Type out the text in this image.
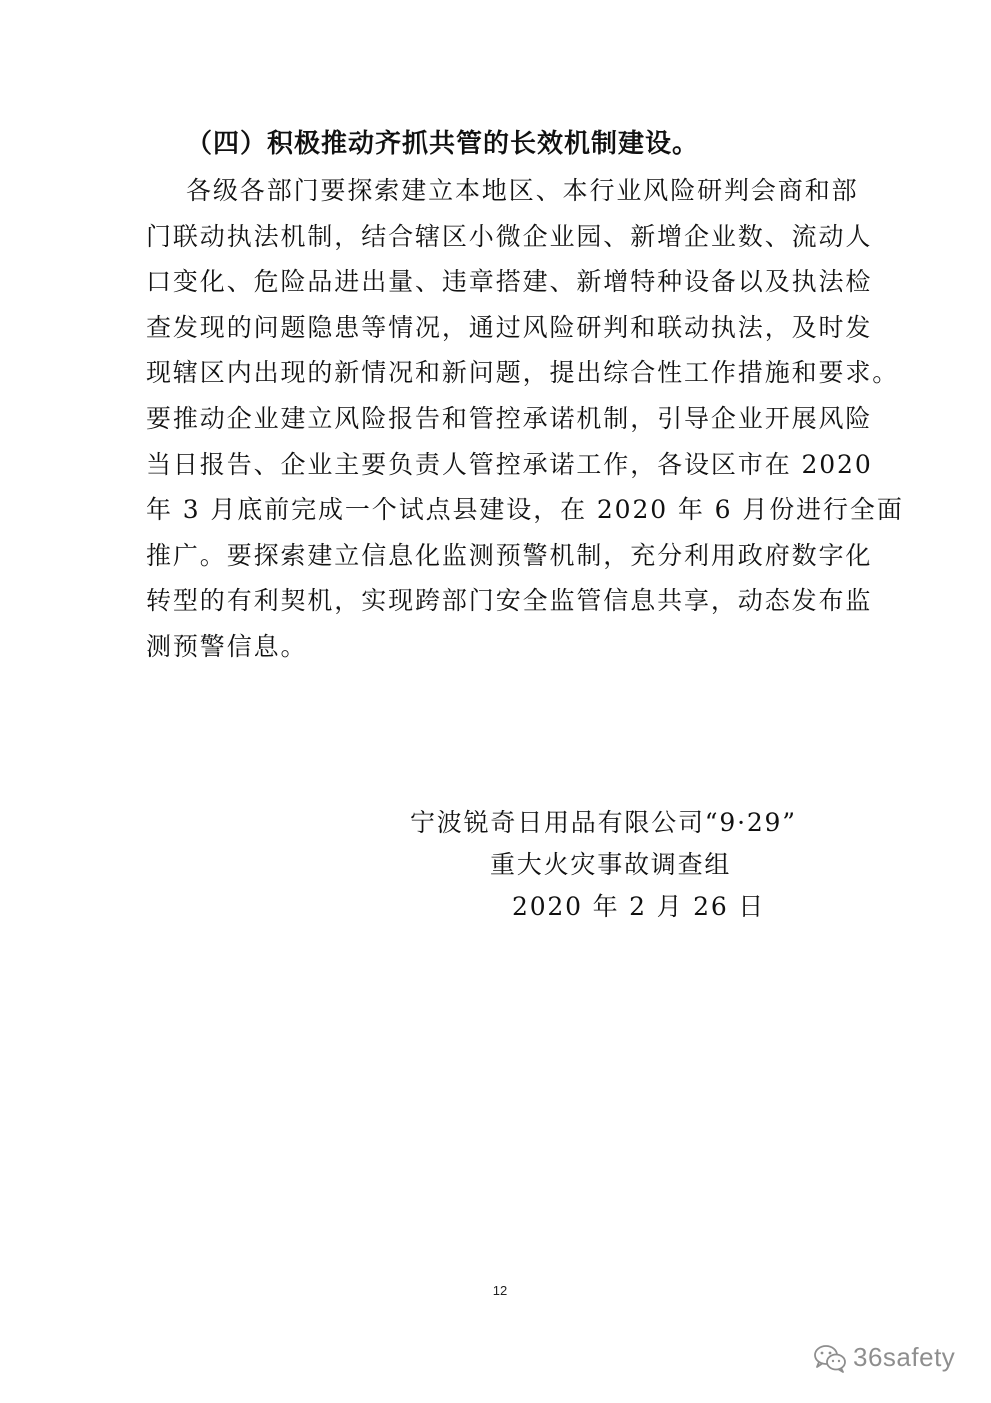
（四）积极推动齐抓共管的长效机制建设。
各级各部门要探索建立本地区、本行业风险研判会商和部
门联动执法机制，结合辖区小微企业园、新增企业数、流动人
口变化、危险品进出量、违章搭建、新增特种设备以及执法检
查发现的问题隐患等情况，通过风险研判和联动执法，及时发
现辖区内出现的新情况和新问题，提出综合性工作措施和要求。
要推动企业建立风险报告和管控承诺机制，引导企业开展风险
当日报告、企业主要负责人管控承诺工作，各设区市在 2020
年 3 月底前完成一个试点县建设，在 2020 年 6 月份进行全面
推广。要探索建立信息化监测预警机制，充分利用政府数字化
转型的有利契机，实现跨部门安全监管信息共享，动态发布监
测预警信息。
宁波锐奇日用品有限公司“9·29”
重大火灾事故调查组
2020 年 2 月 26 日
12
36safety
